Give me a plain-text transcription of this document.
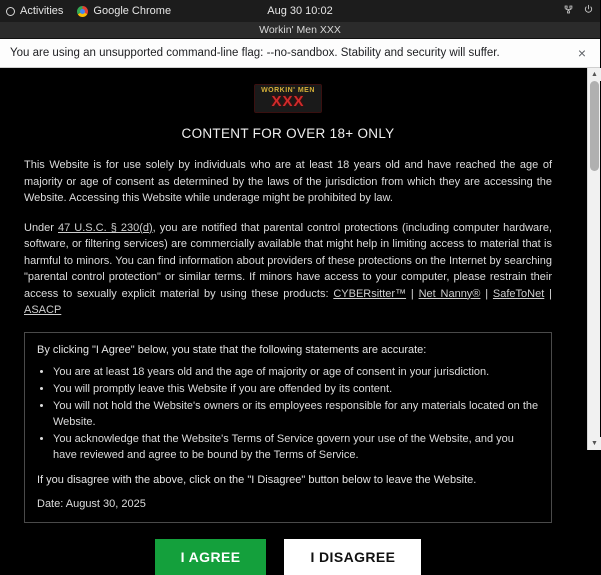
Activities	Google Chrome	Aug 30 10:02
Workin' Men XXX
You are using an unsupported command-line flag: --no-sandbox. Stability and security will suffer.	×
WORKIN' MEN
XXX
CONTENT FOR OVER 18+ ONLY

This Website is for use solely by individuals who are at least 18 years old and have reached the age of majority or age of consent as determined by the laws of the jurisdiction from which they are accessing the Website. Accessing this Website while underage might be prohibited by law.

Under 47 U.S.C. § 230(d), you are notified that parental control protections (including computer hardware, software, or filtering services) are commercially available that might help in limiting access to material that is harmful to minors. You can find information about providers of these protections on the Internet by searching "parental control protection" or similar terms. If minors have access to your computer, please restrain their access to sexually explicit material by using these products: CYBERsitter™ | Net Nanny® | SafeToNet | ASACP

By clicking "I Agree" below, you state that the following statements are accurate:
• You are at least 18 years old and the age of majority or age of consent in your jurisdiction.
• You will promptly leave this Website if you are offended by its content.
• You will not hold the Website's owners or its employees responsible for any materials located on the Website.
• You acknowledge that the Website's Terms of Service govern your use of the Website, and you have reviewed and agree to be bound by the Terms of Service.
If you disagree with the above, click on the "I Disagree" button below to leave the Website.
Date: August 30, 2025
I AGREE	I DISAGREE
▲
▼
